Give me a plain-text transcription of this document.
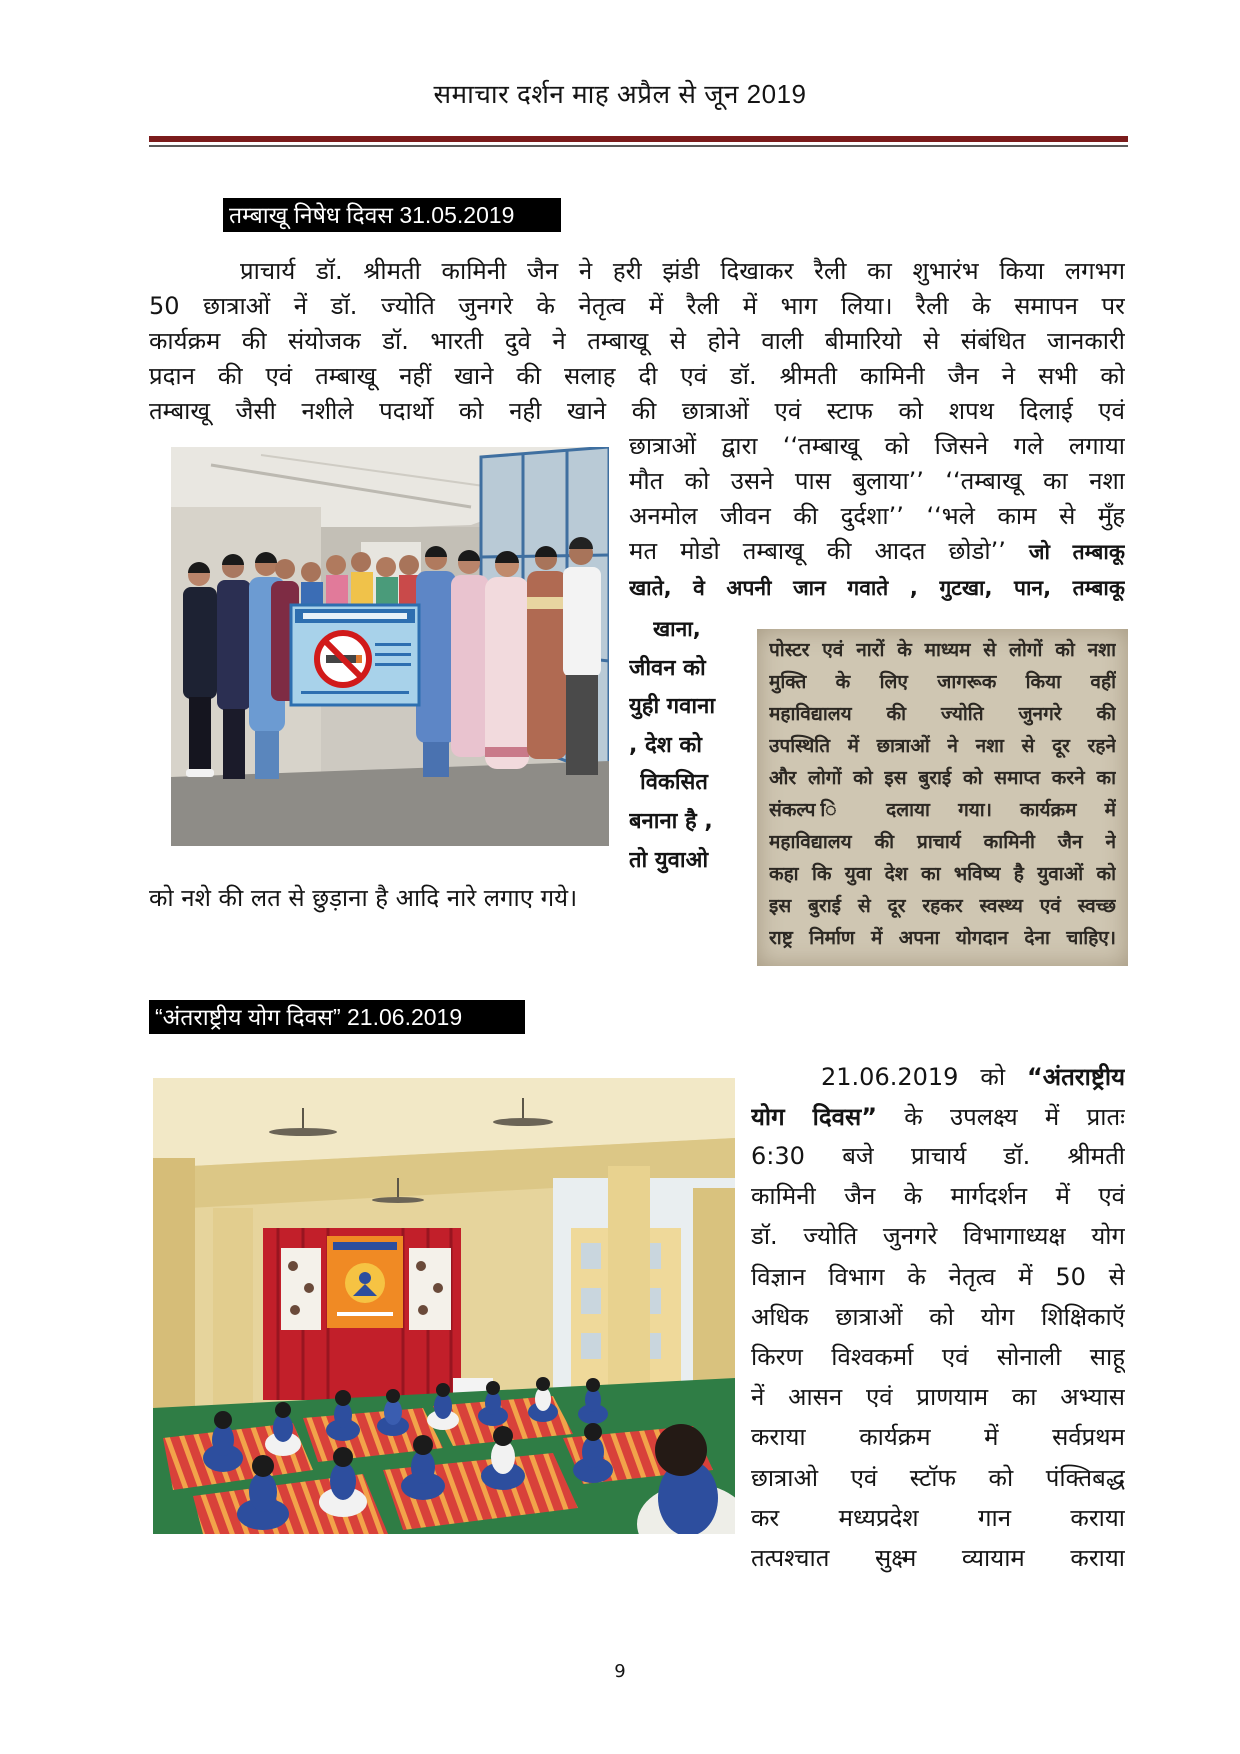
समाचार दर्शन माह अप्रैल से जून 2019
तम्बाखू निषेध दिवस 31.05.2019
प्राचार्य डॉ. श्रीमती कामिनी जैन ने हरी झंडी दिखाकर रैली का शुभारंभ किया लगभग
50 छात्राओं नें डॉ. ज्योति जुनगरे के नेतृत्व में रैली में भाग लिया। रैली के समापन पर
कार्यक्रम की संयोजक डॉ. भारती दुवे ने तम्बाखू से होने वाली बीमारियो से संबंधित जानकारी
प्रदान की एवं तम्बाखू नहीं खाने की सलाह दी एवं डॉ. श्रीमती कामिनी जैन ने सभी को
तम्बाखू जैसी नशीले पदार्थो को नही खाने की छात्राओं एवं स्टाफ को शपथ दिलाई एवं
छात्राओं द्वारा ‘‘तम्बाखू को जिसने गले लगाया
मौत को उसने पास बुलाया’’ ‘‘तम्बाखू का नशा
अनमोल जीवन की दुर्दशा’’ ‘‘भले काम से मुँह
मत मोडो तम्बाखू की आदत छोडो’’ जो तम्बाकू
खाते, वे अपनी जान गवाते , गुटखा, पान, तम्बाकू
खाना,
जीवन को
युही गवाना
, देश को
विकसित
बनाना है ,
तो युवाओ
पोस्टर एवं नारों के माध्यम से लोगों को नशा
मुक्ति के लिए जागरूक किया वहीं
महाविद्यालय की ज्योति जुनगरे की
उपस्थिति में छात्राओं ने नशा से दूर रहने
और लोगों को इस बुराई को समाप्त करने का
संकल्प ि दलाया गया। कार्यक्रम में
महाविद्यालय की प्राचार्य कामिनी जैन ने
कहा कि युवा देश का भविष्य है युवाओं को
इस बुराई से दूर रहकर स्वस्थ्य एवं स्वच्छ
राष्ट्र निर्माण में अपना योगदान देना चाहिए।
को नशे की लत से छुड़ाना है आदि नारे लगाए गये।
“अंतराष्ट्रीय योग दिवस” 21.06.2019
21.06.2019 को “अंतराष्ट्रीय
योग दिवस” के उपलक्ष्य में प्रातः
6:30 बजे प्राचार्य डॉ. श्रीमती
कामिनी जैन के मार्गदर्शन में एवं
डॉ. ज्योति जुनगरे विभागाध्यक्ष योग
विज्ञान विभाग के नेतृत्व में 50 से
अधिक छात्राओं को योग शिक्षिकाऍ
किरण विश्वकर्मा एवं सोनाली साहू
नें आसन एवं प्राणयाम का अभ्यास
कराया कार्यक्रम में सर्वप्रथम
छात्राओ एवं स्टॉफ को पंक्तिबद्ध
कर मध्यप्रदेश गान कराया
तत्पश्चात सुक्ष्म व्यायाम कराया
9
